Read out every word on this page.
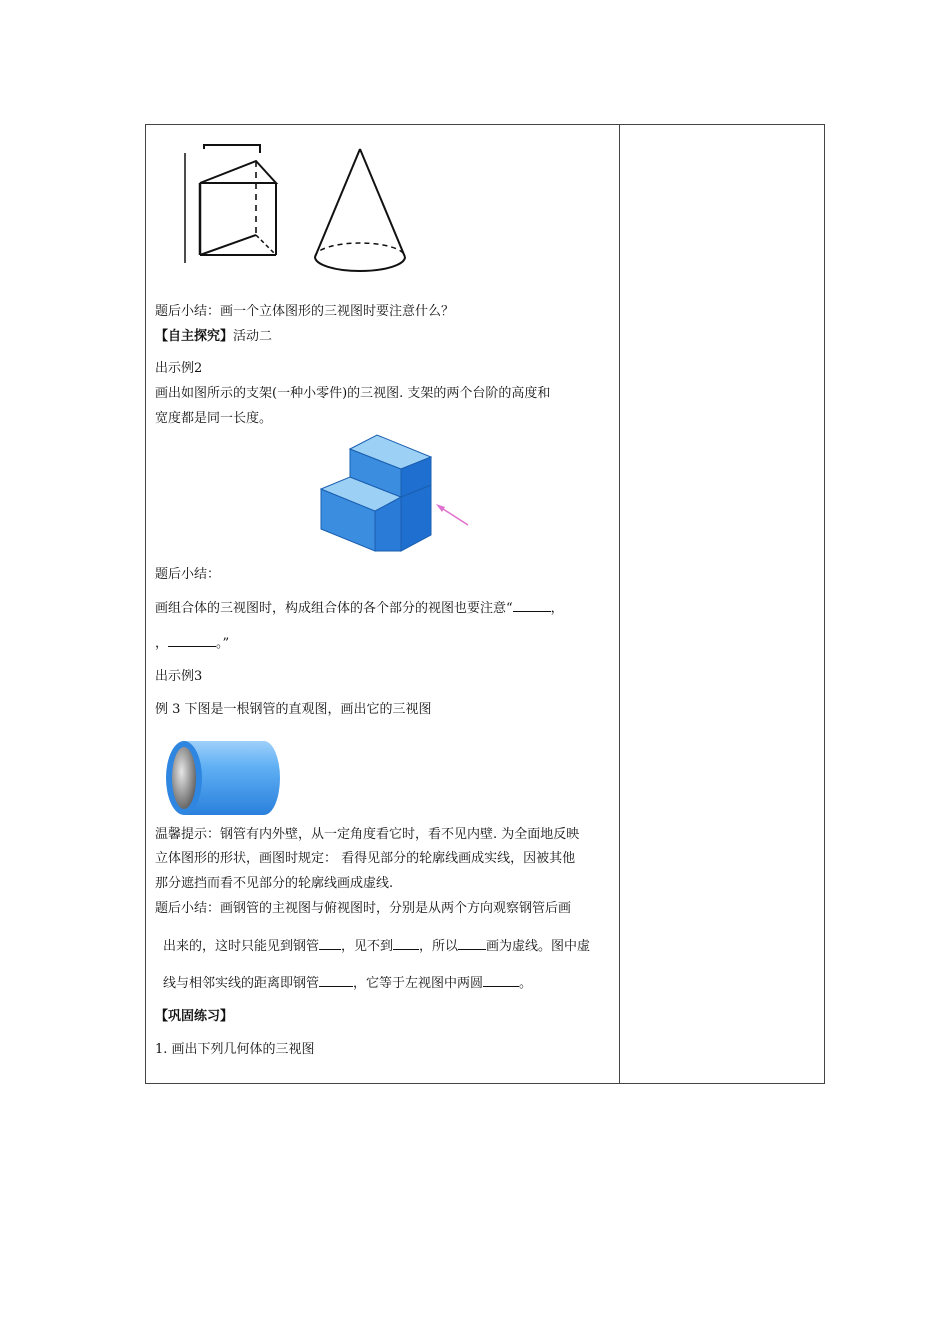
题后小结：画一个立体图形的三视图时要注意什么？
【自主探究】活动二
出示例2
画出如图所示的支架(一种小零件)的三视图. 支架的两个台阶的高度和
宽度都是同一长度。
题后小结：
画组合体的三视图时，构成组合体的各个部分的视图也要注意“	，
，	。”
出示例3
例 3 下图是一根钢管的直观图，画出它的三视图
温馨提示：钢管有内外壁，从一定角度看它时，看不见内壁. 为全面地反映
立体图形的形状，画图时规定： 看得见部分的轮廓线画成实线，因被其他
那分遮挡而看不见部分的轮廓线画成虚线.
题后小结：画钢管的主视图与俯视图时，分别是从两个方向观察钢管后画
出来的，这时只能见到钢管 ，见不到 ，所以 画为虚线。图中虚
线与相邻实线的距离即钢管	，它等于左视图中两圆	。
【巩固练习】
1. 画出下列几何体的三视图
